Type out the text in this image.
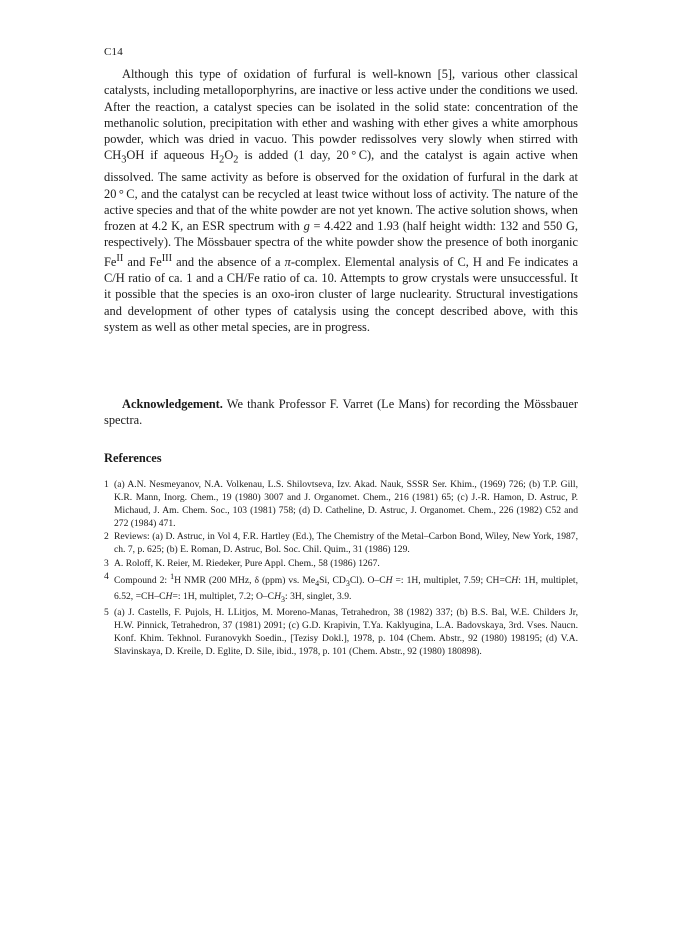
C14

Although this type of oxidation of furfural is well-known [5], various other classical catalysts, including metalloporphyrins, are inactive or less active under the conditions we used. After the reaction, a catalyst species can be isolated in the solid state: concentration of the methanolic solution, precipitation with ether and washing with ether gives a white amorphous powder, which was dried in vacuo. This powder redissolves very slowly when stirred with $CH_3OH$ if aqueous $H_2O_2$ is added (1 day, 20 ° C), and the catalyst is again active when dissolved. The same activity as before is observed for the oxidation of furfural in the dark at 20 ° C, and the catalyst can be recycled at least twice without loss of activity. The nature of the active species and that of the white powder are not yet known. The active solution shows, when frozen at 4.2 K, an ESR spectrum with g = 4.422 and 1.93 (half height width: 132 and 550 G, respectively). The Mössbauer spectra of the white powder show the presence of both inorganic $Fe^{II}$ and $Fe^{III}$ and the absence of a π-complex. Elemental analysis of C, H and Fe indicates a C/H ratio of ca. 1 and a CH/Fe ratio of ca. 10. Attempts to grow crystals were unsuccessful. It it possible that the species is an oxo-iron cluster of large nuclearity. Structural investigations and development of other types of catalysis using the concept described above, with this system as well as other metal species, are in progress.

Acknowledgement. We thank Professor F. Varret (Le Mans) for recording the Mössbauer spectra.

References
1 (a) A.N. Nesmeyanov, N.A. Volkenau, L.S. Shilovtseva, Izv. Akad. Nauk, SSSR Ser. Khim., (1969) 726; (b) T.P. Gill, K.R. Mann, Inorg. Chem., 19 (1980) 3007 and J. Organomet. Chem., 216 (1981) 65; (c) J.-R. Hamon, D. Astruc, P. Michaud, J. Am. Chem. Soc., 103 (1981) 758; (d) D. Catheline, D. Astruc, J. Organomet. Chem., 226 (1982) C52 and 272 (1984) 471.
2 Reviews: (a) D. Astruc, in Vol 4, F.R. Hartley (Ed.), The Chemistry of the Metal–Carbon Bond, Wiley, New York, 1987, ch. 7, p. 625; (b) E. Roman, D. Astruc, Bol. Soc. Chil. Quim., 31 (1986) 129.
3 A. Roloff, K. Reier, M. Riedeker, Pure Appl. Chem., 58 (1986) 1267.
4 Compound 2: $^1$H NMR (200 MHz, δ (ppm) vs. $Me_4Si$, $CD_3Cl$). O–CH =: 1H, multiplet, 7.59; CH=CH: 1H, multiplet, 6.52, =CH–CH=: 1H, multiplet, 7.2; $O-CH_3$: 3H, singlet, 3.9.
5 (a) J. Castells, F. Pujols, H. LLitjos, M. Moreno-Manas, Tetrahedron, 38 (1982) 337; (b) B.S. Bal, W.E. Childers Jr, H.W. Pinnick, Tetrahedron, 37 (1981) 2091; (c) G.D. Krapivin, T.Ya. Kaklyugina, L.A. Badovskaya, 3rd. Vses. Naucn. Konf. Khim. Tekhnol. Furanovykh Soedin., [Tezisy Dokl.], 1978, p. 104 (Chem. Abstr., 92 (1980) 198195; (d) V.A. Slavinskaya, D. Kreile, D. Eglite, D. Sile, ibid., 1978, p. 101 (Chem. Abstr., 92 (1980) 180898).
